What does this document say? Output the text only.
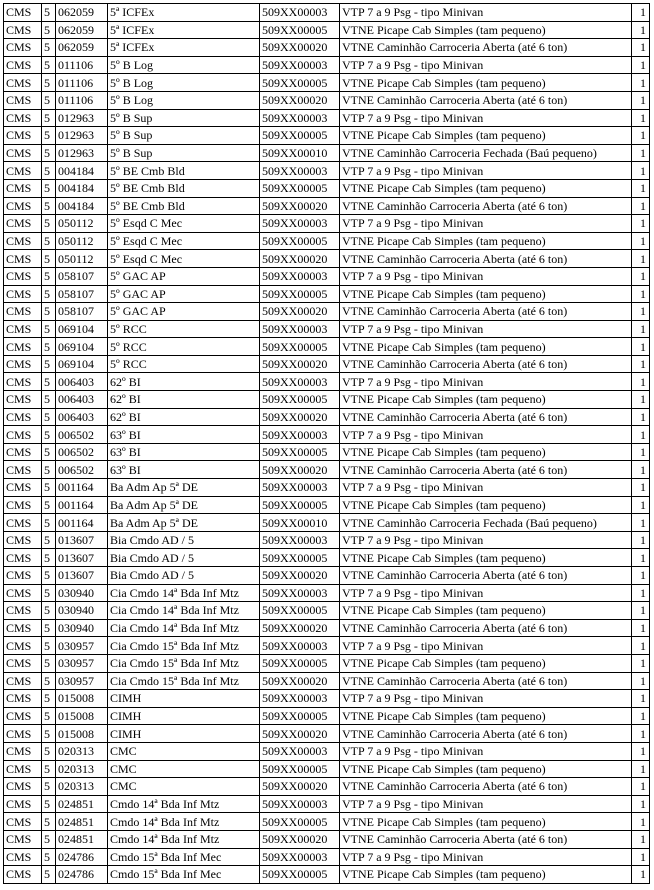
CMS	5	062059	5ª ICFEx	509XX00003	VTP 7 a 9 Psg - tipo Minivan	1
CMS	5	062059	5ª ICFEx	509XX00005	VTNE Picape Cab Simples (tam pequeno)	1
CMS	5	062059	5ª ICFEx	509XX00020	VTNE Caminhão Carroceria Aberta (até 6 ton)	1
CMS	5	011106	5º B Log	509XX00003	VTP 7 a 9 Psg - tipo Minivan	1
CMS	5	011106	5º B Log	509XX00005	VTNE Picape Cab Simples (tam pequeno)	1
CMS	5	011106	5º B Log	509XX00020	VTNE Caminhão Carroceria Aberta (até 6 ton)	1
CMS	5	012963	5º B Sup	509XX00003	VTP 7 a 9 Psg - tipo Minivan	1
CMS	5	012963	5º B Sup	509XX00005	VTNE Picape Cab Simples (tam pequeno)	1
CMS	5	012963	5º B Sup	509XX00010	VTNE Caminhão Carroceria Fechada (Baú pequeno)	1
CMS	5	004184	5º BE Cmb Bld	509XX00003	VTP 7 a 9 Psg - tipo Minivan	1
CMS	5	004184	5º BE Cmb Bld	509XX00005	VTNE Picape Cab Simples (tam pequeno)	1
CMS	5	004184	5º BE Cmb Bld	509XX00020	VTNE Caminhão Carroceria Aberta (até 6 ton)	1
CMS	5	050112	5º Esqd C Mec	509XX00003	VTP 7 a 9 Psg - tipo Minivan	1
CMS	5	050112	5º Esqd C Mec	509XX00005	VTNE Picape Cab Simples (tam pequeno)	1
CMS	5	050112	5º Esqd C Mec	509XX00020	VTNE Caminhão Carroceria Aberta (até 6 ton)	1
CMS	5	058107	5º GAC AP	509XX00003	VTP 7 a 9 Psg - tipo Minivan	1
CMS	5	058107	5º GAC AP	509XX00005	VTNE Picape Cab Simples (tam pequeno)	1
CMS	5	058107	5º GAC AP	509XX00020	VTNE Caminhão Carroceria Aberta (até 6 ton)	1
CMS	5	069104	5º RCC	509XX00003	VTP 7 a 9 Psg - tipo Minivan	1
CMS	5	069104	5º RCC	509XX00005	VTNE Picape Cab Simples (tam pequeno)	1
CMS	5	069104	5º RCC	509XX00020	VTNE Caminhão Carroceria Aberta (até 6 ton)	1
CMS	5	006403	62º BI	509XX00003	VTP 7 a 9 Psg - tipo Minivan	1
CMS	5	006403	62º BI	509XX00005	VTNE Picape Cab Simples (tam pequeno)	1
CMS	5	006403	62º BI	509XX00020	VTNE Caminhão Carroceria Aberta (até 6 ton)	1
CMS	5	006502	63º BI	509XX00003	VTP 7 a 9 Psg - tipo Minivan	1
CMS	5	006502	63º BI	509XX00005	VTNE Picape Cab Simples (tam pequeno)	1
CMS	5	006502	63º BI	509XX00020	VTNE Caminhão Carroceria Aberta (até 6 ton)	1
CMS	5	001164	Ba Adm Ap 5ª DE	509XX00003	VTP 7 a 9 Psg - tipo Minivan	1
CMS	5	001164	Ba Adm Ap 5ª DE	509XX00005	VTNE Picape Cab Simples (tam pequeno)	1
CMS	5	001164	Ba Adm Ap 5ª DE	509XX00010	VTNE Caminhão Carroceria Fechada (Baú pequeno)	1
CMS	5	013607	Bia Cmdo AD / 5	509XX00003	VTP 7 a 9 Psg - tipo Minivan	1
CMS	5	013607	Bia Cmdo AD / 5	509XX00005	VTNE Picape Cab Simples (tam pequeno)	1
CMS	5	013607	Bia Cmdo AD / 5	509XX00020	VTNE Caminhão Carroceria Aberta (até 6 ton)	1
CMS	5	030940	Cia Cmdo 14ª Bda Inf Mtz	509XX00003	VTP 7 a 9 Psg - tipo Minivan	1
CMS	5	030940	Cia Cmdo 14ª Bda Inf Mtz	509XX00005	VTNE Picape Cab Simples (tam pequeno)	1
CMS	5	030940	Cia Cmdo 14ª Bda Inf Mtz	509XX00020	VTNE Caminhão Carroceria Aberta (até 6 ton)	1
CMS	5	030957	Cia Cmdo 15ª Bda Inf Mtz	509XX00003	VTP 7 a 9 Psg - tipo Minivan	1
CMS	5	030957	Cia Cmdo 15ª Bda Inf Mtz	509XX00005	VTNE Picape Cab Simples (tam pequeno)	1
CMS	5	030957	Cia Cmdo 15ª Bda Inf Mtz	509XX00020	VTNE Caminhão Carroceria Aberta (até 6 ton)	1
CMS	5	015008	CIMH	509XX00003	VTP 7 a 9 Psg - tipo Minivan	1
CMS	5	015008	CIMH	509XX00005	VTNE Picape Cab Simples (tam pequeno)	1
CMS	5	015008	CIMH	509XX00020	VTNE Caminhão Carroceria Aberta (até 6 ton)	1
CMS	5	020313	CMC	509XX00003	VTP 7 a 9 Psg - tipo Minivan	1
CMS	5	020313	CMC	509XX00005	VTNE Picape Cab Simples (tam pequeno)	1
CMS	5	020313	CMC	509XX00020	VTNE Caminhão Carroceria Aberta (até 6 ton)	1
CMS	5	024851	Cmdo 14ª Bda Inf Mtz	509XX00003	VTP 7 a 9 Psg - tipo Minivan	1
CMS	5	024851	Cmdo 14ª Bda Inf Mtz	509XX00005	VTNE Picape Cab Simples (tam pequeno)	1
CMS	5	024851	Cmdo 14ª Bda Inf Mtz	509XX00020	VTNE Caminhão Carroceria Aberta (até 6 ton)	1
CMS	5	024786	Cmdo 15ª Bda Inf Mec	509XX00003	VTP 7 a 9 Psg - tipo Minivan	1
CMS	5	024786	Cmdo 15ª Bda Inf Mec	509XX00005	VTNE Picape Cab Simples (tam pequeno)	1
